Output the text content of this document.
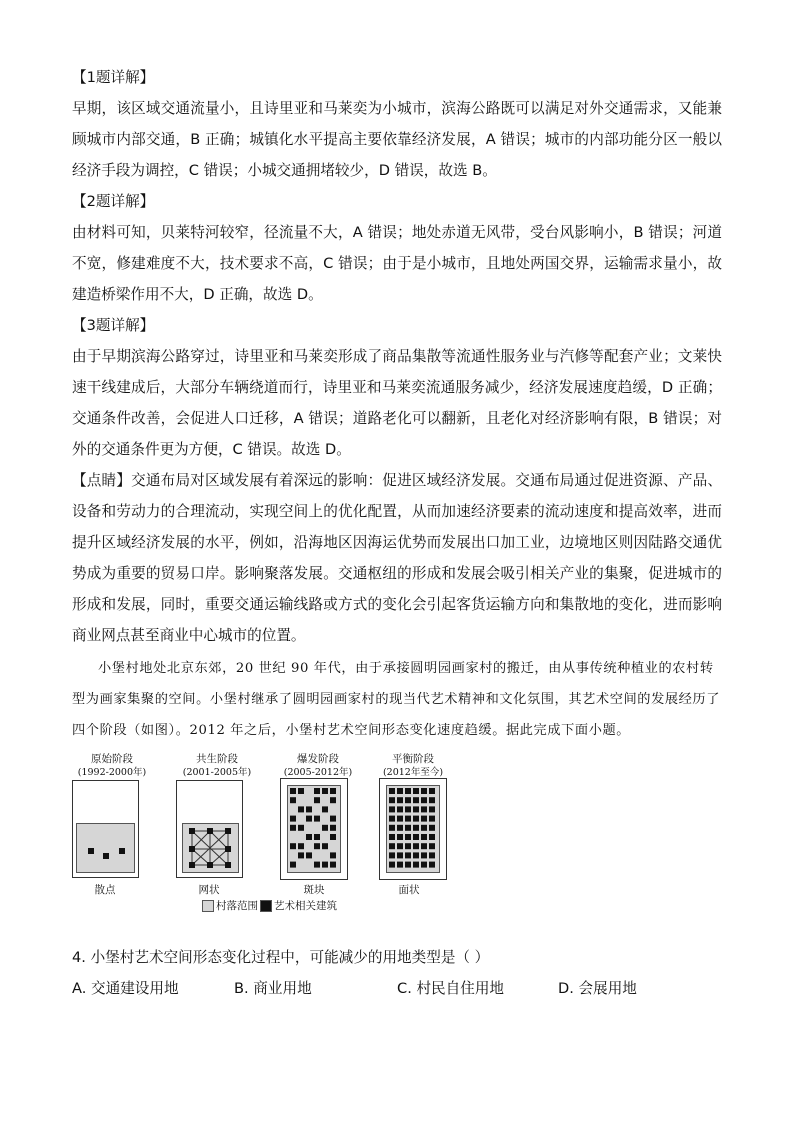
【1题详解】

早期，该区域交通流量小，且诗里亚和马莱奕为小城市，滨海公路既可以满足对外交通需求，又能兼顾城市内部交通，B 正确；城镇化水平提高主要依靠经济发展，A 错误；城市的内部功能分区一般以经济手段为调控，C 错误；小城交通拥堵较少，D 错误，故选 B。

【2题详解】

由材料可知，贝莱特河较窄，径流量不大，A 错误；地处赤道无风带，受台风影响小，B 错误；河道不宽，修建难度不大，技术要求不高，C 错误；由于是小城市，且地处两国交界，运输需求量小，故建造桥梁作用不大，D 正确，故选 D。

【3题详解】

由于早期滨海公路穿过，诗里亚和马莱奕形成了商品集散等流通性服务业与汽修等配套产业；文莱快速干线建成后，大部分车辆绕道而行，诗里亚和马莱奕流通服务减少，经济发展速度趋缓，D 正确；交通条件改善，会促进人口迁移，A 错误；道路老化可以翻新，且老化对经济影响有限，B 错误；对外的交通条件更为方便，C 错误。故选 D。

【点睛】交通布局对区域发展有着深远的影响：促进区域经济发展。交通布局通过促进资源、产品、设备和劳动力的合理流动，实现空间上的优化配置，从而加速经济要素的流动速度和提高效率，进而提升区域经济发展的水平，例如，沿海地区因海运优势而发展出口加工业，边境地区则因陆路交通优势成为重要的贸易口岸。影响聚落发展。交通枢纽的形成和发展会吸引相关产业的集聚，促进城市的形成和发展，同时，重要交通运输线路或方式的变化会引起客货运输方向和集散地的变化，进而影响商业网点甚至商业中心城市的位置。

小堡村地处北京东郊，20 世纪 90 年代，由于承接圆明园画家村的搬迁，由从事传统种植业的农村转型为画家集聚的空间。小堡村继承了圆明园画家村的现当代艺术精神和文化氛围，其艺术空间的发展经历了四个阶段（如图）。2012 年之后，小堡村艺术空间形态变化速度趋缓。据此完成下面小题。

原始阶段
(1992-2000年)
散点
共生阶段
(2001-2005年)
网状
爆发阶段
(2005-2012年)
斑块
平衡阶段
(2012年至今)
面状
村落范围 艺术相关建筑

4. 小堡村艺术空间形态变化过程中，可能减少的用地类型是（ ）

A. 交通建设用地	B. 商业用地	C. 村民自住用地	D. 会展用地
